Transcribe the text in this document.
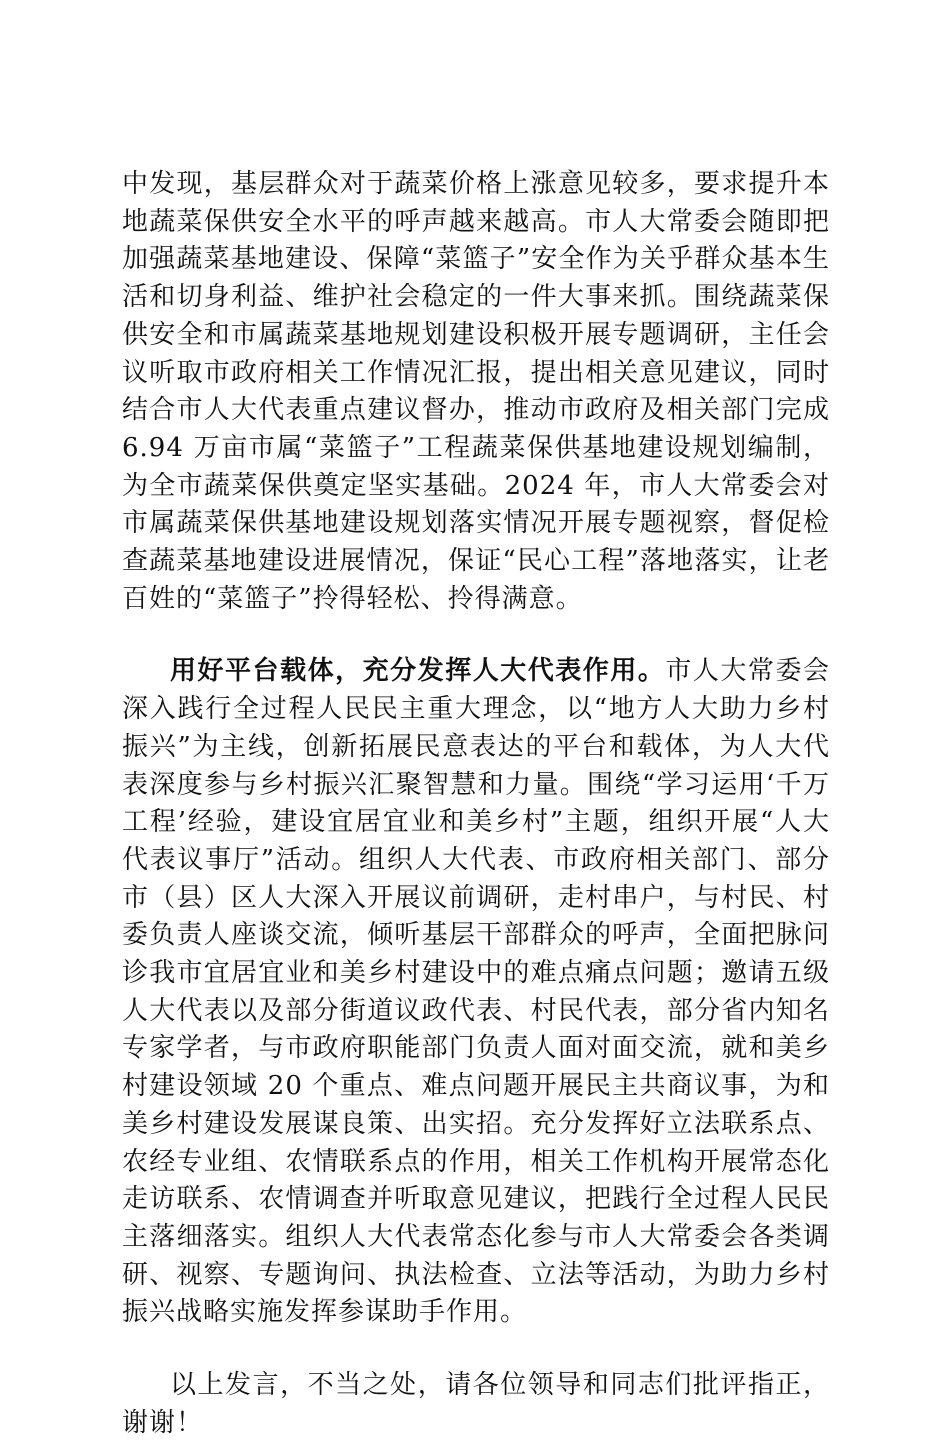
中发现，基层群众对于蔬菜价格上涨意见较多，要求提升本地蔬菜保供安全水平的呼声越来越高。市人大常委会随即把加强蔬菜基地建设、保障“菜篮子”安全作为关乎群众基本生活和切身利益、维护社会稳定的一件大事来抓。围绕蔬菜保供安全和市属蔬菜基地规划建设积极开展专题调研，主任会议听取市政府相关工作情况汇报，提出相关意见建议，同时结合市人大代表重点建议督办，推动市政府及相关部门完成 6.94 万亩市属“菜篮子”工程蔬菜保供基地建设规划编制，为全市蔬菜保供奠定坚实基础。2024 年，市人大常委会对市属蔬菜保供基地建设规划落实情况开展专题视察，督促检查蔬菜基地建设进展情况，保证“民心工程”落地落实，让老百姓的“菜篮子”拎得轻松、拎得满意。

用好平台载体，充分发挥人大代表作用。市人大常委会深入践行全过程人民民主重大理念，以“地方人大助力乡村振兴”为主线，创新拓展民意表达的平台和载体，为人大代表深度参与乡村振兴汇聚智慧和力量。围绕“学习运用‘千万工程’经验，建设宜居宜业和美乡村”主题，组织开展“人大代表议事厅”活动。组织人大代表、市政府相关部门、部分市（县）区人大深入开展议前调研，走村串户，与村民、村委负责人座谈交流，倾听基层干部群众的呼声，全面把脉问诊我市宜居宜业和美乡村建设中的难点痛点问题；邀请五级人大代表以及部分街道议政代表、村民代表，部分省内知名专家学者，与市政府职能部门负责人面对面交流，就和美乡村建设领域 20 个重点、难点问题开展民主共商议事，为和美乡村建设发展谋良策、出实招。充分发挥好立法联系点、农经专业组、农情联系点的作用，相关工作机构开展常态化走访联系、农情调查并听取意见建议，把践行全过程人民民主落细落实。组织人大代表常态化参与市人大常委会各类调研、视察、专题询问、执法检查、立法等活动，为助力乡村振兴战略实施发挥参谋助手作用。

以上发言，不当之处，请各位领导和同志们批评指正，谢谢！
